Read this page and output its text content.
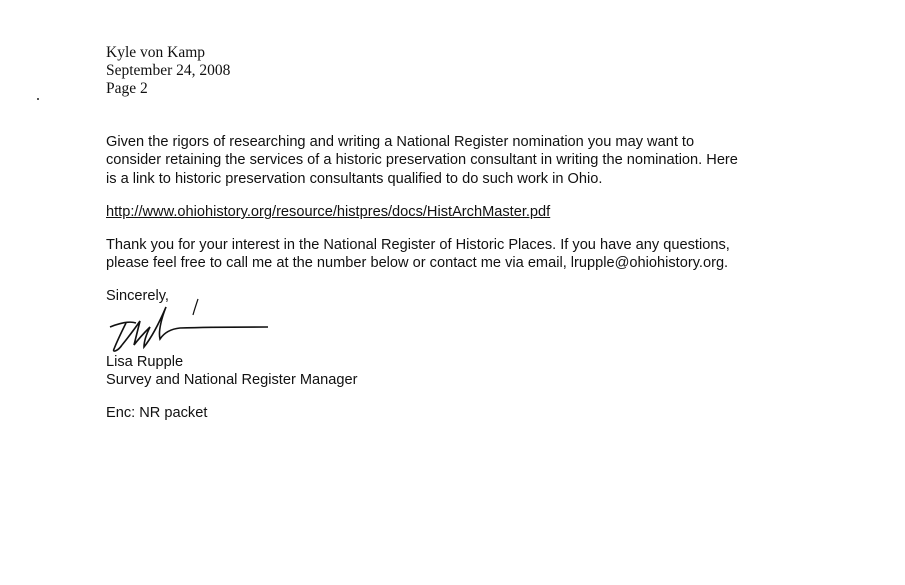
Kyle von Kamp
September 24, 2008
Page 2
Given the rigors of researching and writing a National Register nomination you may want to
consider retaining the services of a historic preservation consultant in writing the nomination. Here
is a link to historic preservation consultants qualified to do such work in Ohio.
http://www.ohiohistory.org/resource/histpres/docs/HistArchMaster.pdf
Thank you for your interest in the National Register of Historic Places. If you have any questions,
please feel free to call me at the number below or contact me via email, lrupple@ohiohistory.org.
Sincerely,
Lisa Rupple
Survey and National Register Manager
Enc: NR packet
